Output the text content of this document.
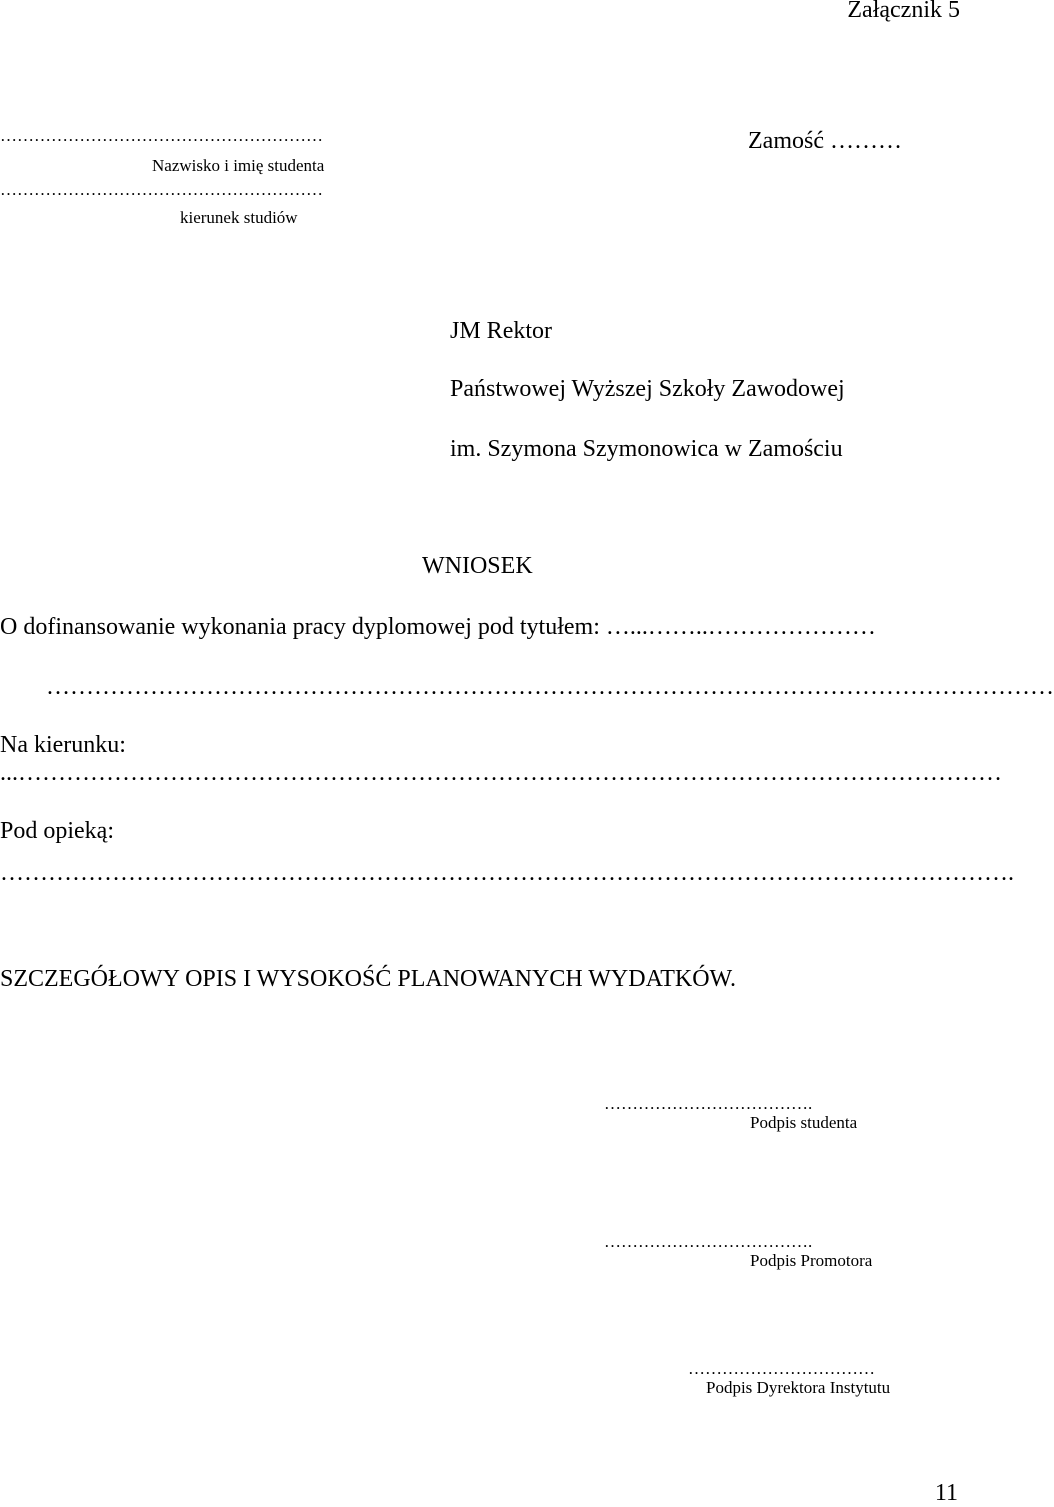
Załącznik 5
…………………………………………………
Nazwisko i imię studenta
…………………………………………………
kierunek studiów
Zamość ………
JM Rektor
Państwowej Wyższej Szkoły Zawodowej
im. Szymona Szymonowica w Zamościu
WNIOSEK
O dofinansowanie wykonania pracy dyplomowej pod tytułem: …...……..…………………
………………………………………………………………………………………………………………
Na kierunku:
...……………………………………………………………………………………………………………
Pod opieką:
……………………………………………………………………………………………………………….
SZCZEGÓŁOWY OPIS I WYSOKOŚĆ PLANOWANYCH WYDATKÓW.
……………………………….
Podpis studenta
……………………………….
Podpis Promotora
……………………………
Podpis Dyrektora Instytutu
11
